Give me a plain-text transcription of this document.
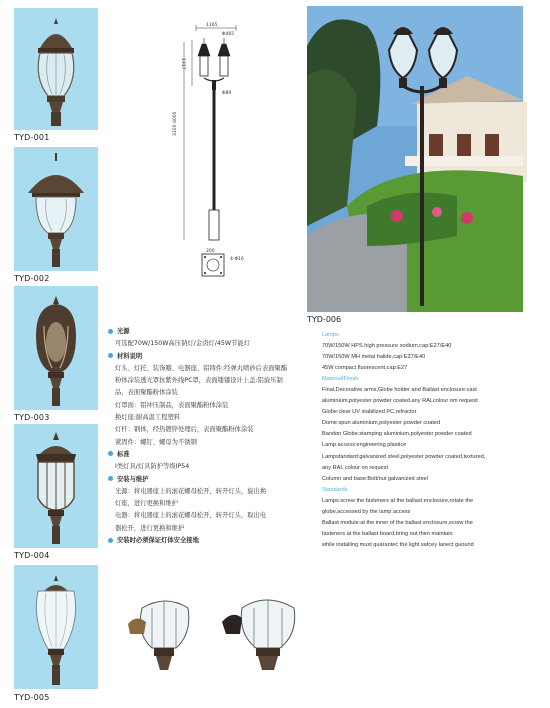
TYD-001
TYD-002
TYD-003
TYD-004
TYD-005
1165
Φ465
1317
Φ89
3100-4000
200
4-Φ16
TYD-006
光源
可选配70W/150W高压钠灯/金卤灯/45W节能灯
材料说明
灯头、灯托、装饰瓣、电器座、铝铸件:经弹丸喷砂后表面聚酯
粉体涂装透光罩抗紫外线PC罩，表面镂镂设计上盖:铝旋压制
品，表面聚酯粉体涂装
灯罩面：铝冲压制品，表面聚酯粉体涂装
换灯座:耐高温工程塑料
灯杆：钢体，经热镀锌处理后，表面聚酯粉体涂装
紧固件：螺钉、螺母为不锈钢
标准
Ⅰ类灯具/灯具防护等级IP54
安装与维护
光源：将电器座上的滚花螺母松开，转开灯头，旋出换
灯座，进行更换和维护
电器：将电器座上的滚花螺母松开，转开灯头，取出电
器松开，进行更换和维护
安装时必须保证灯体安全接地
Lamps
70W/150W HPS high pressure sodium,cap:E27/E40
70W/150W MH metal halide,cap:E27/E40
45W compact fluorescent,cap:E27
Material/Finish
Final,Decorative arms,Globe holder and Ballast enclosure:cast
aluminium,polyester powder coated.any RALcolour om request
Globe:clear UV stabilized PC,refractor
Dome:spun aluminium,polyester powder coated
Bandon Globe:stamping aluminium,polyester powder coated
Lamp access:engineering plastice
Lampstandard:galvanized steel,polyester powder coated,textured,
any RAL colour on request
Column and base:Bolt/nut galvanized steel
Standards
Lamps:screw the fasteners at the ballast enclosure,rotate the
globe,accessed by the lamp access
Ballast module:at the inner of the ballast enclosure,screw the
fasteners at the ballast board,bring out then maintain
while installing must quarantec the light safcey lanect guound
